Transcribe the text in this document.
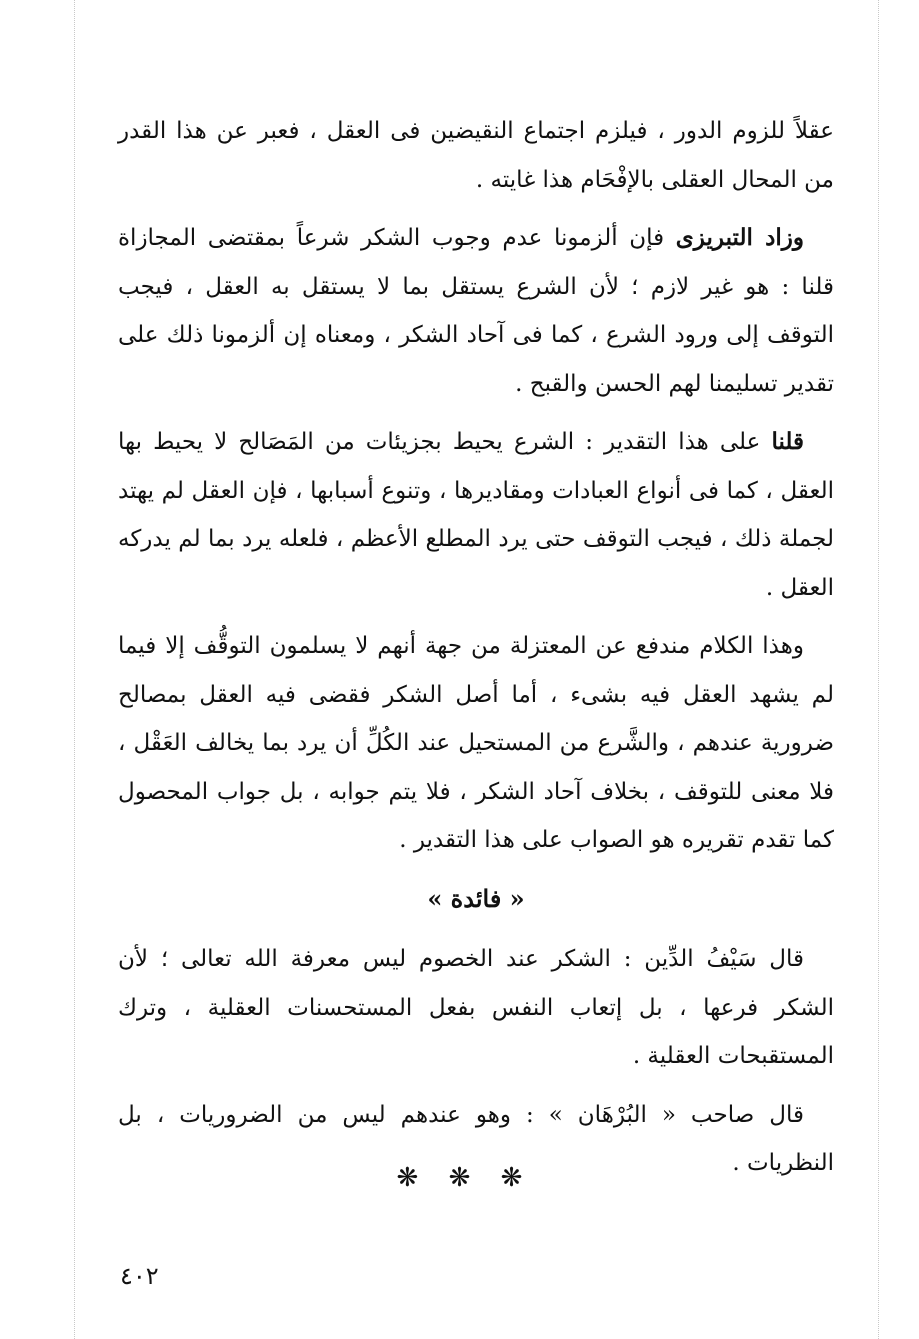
عقلاً للزوم الدور ، فيلزم اجتماع النقيضين فى العقل ، فعبر عن هذا القدر من المحال العقلى بالإفْحَام هذا غايته .

وزاد التبريزى فإن ألزمونا عدم وجوب الشكر شرعاً بمقتضى المجازاة قلنا : هو غير لازم ؛ لأن الشرع يستقل بما لا يستقل به العقل ، فيجب التوقف إلى ورود الشرع ، كما فى آحاد الشكر ، ومعناه إن ألزمونا ذلك على تقدير تسليمنا لهم الحسن والقبح .

قلنا على هذا التقدير : الشرع يحيط بجزيئات من المَصَالح لا يحيط بها العقل ، كما فى أنواع العبادات ومقاديرها ، وتنوع أسبابها ، فإن العقل لم يهتد لجملة ذلك ، فيجب التوقف حتى يرد المطلع الأعظم ، فلعله يرد بما لم يدركه العقل .

وهذا الكلام مندفع عن المعتزلة من جهة أنهم لا يسلمون التوقُّف إلا فيما لم يشهد العقل فيه بشىء ، أما أصل الشكر فقضى فيه العقل بمصالح ضرورية عندهم ، والشَّرع من المستحيل عند الكُلِّ أن يرد بما يخالف العَقْل ، فلا معنى للتوقف ، بخلاف آحاد الشكر ، فلا يتم جوابه ، بل جواب المحصول كما تقدم تقريره هو الصواب على هذا التقدير .

« فائدة »

قال سَيْفُ الدِّين : الشكر عند الخصوم ليس معرفة الله تعالى ؛ لأن الشكر فرعها ، بل إتعاب النفس بفعل المستحسنات العقلية ، وترك المستقبحات العقلية .

قال صاحب « البُرْهَان » : وهو عندهم ليس من الضروريات ، بل النظريات .

❋ ❋ ❋
٤٠٢
